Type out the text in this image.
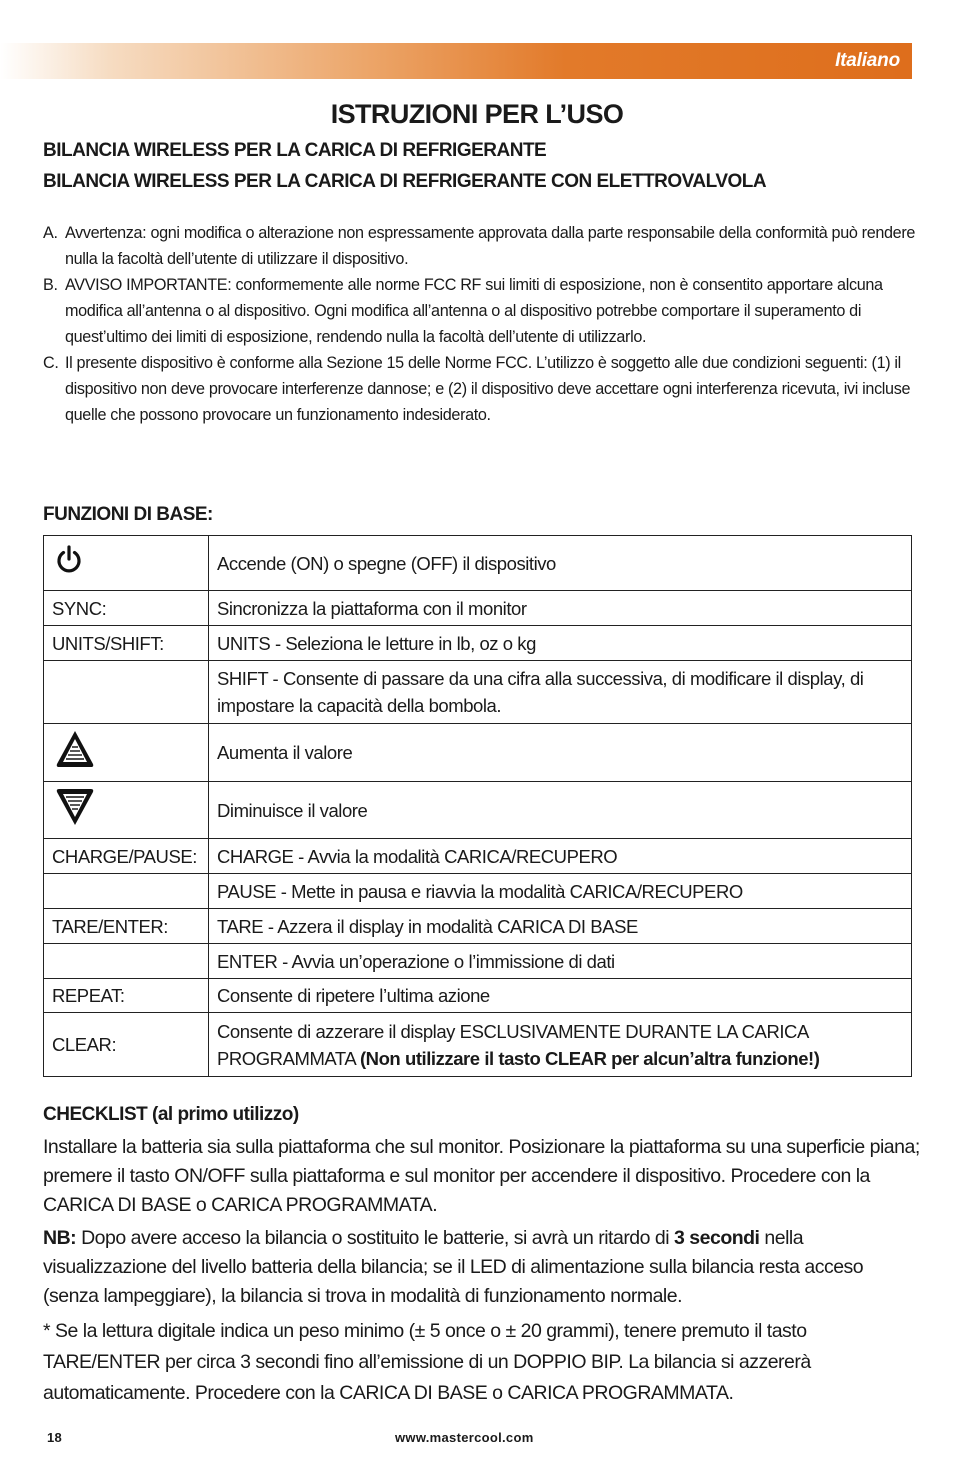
Italiano
ISTRUZIONI PER L’USO
BILANCIA WIRELESS PER LA CARICA DI REFRIGERANTE
BILANCIA WIRELESS PER LA CARICA DI REFRIGERANTE CON ELETTROVALVOLA
A. Avvertenza: ogni modifica o alterazione non espressamente approvata dalla parte responsabile della conformità può rendere nulla la facoltà dell’utente di utilizzare il dispositivo.
B. AVVISO IMPORTANTE: conformemente alle norme FCC RF sui limiti di esposizione, non è consentito apportare alcuna modifica all’antenna o al dispositivo. Ogni modifica all’antenna o al dispositivo potrebbe comportare il superamento di quest’ultimo dei limiti di esposizione, rendendo nulla la facoltà dell’utente di utilizzarlo.
C. Il presente dispositivo è conforme alla Sezione 15 delle Norme FCC. L’utilizzo è soggetto alle due condizioni seguenti: (1) il dispositivo non deve provocare interferenze dannose; e (2) il dispositivo deve accettare ogni interferenza ricevuta, ivi incluse quelle che possono provocare un funzionamento indesiderato.
FUNZIONI DI BASE:
	Accende (ON) o spegne (OFF) il dispositivo
SYNC:	Sincronizza la piattaforma con il monitor
UNITS/SHIFT:	UNITS - Seleziona le letture in lb, oz o kg
	SHIFT - Consente di passare da una cifra alla successiva, di modificare il display, di impostare la capacità della bombola.
	Aumenta il valore
	Diminuisce il valore
CHARGE/PAUSE:	CHARGE - Avvia la modalità CARICA/RECUPERO
	PAUSE - Mette in pausa e riavvia la modalità CARICA/RECUPERO
TARE/ENTER:	TARE - Azzera il display in modalità CARICA DI BASE
	ENTER - Avvia un’operazione o l’immissione di dati
REPEAT:	Consente di ripetere l’ultima azione
CLEAR:	Consente di azzerare il display ESCLUSIVAMENTE DURANTE LA CARICA PROGRAMMATA (Non utilizzare il tasto CLEAR per alcun’altra funzione!)
CHECKLIST (al primo utilizzo)
Installare la batteria sia sulla piattaforma che sul monitor. Posizionare la piattaforma su una superficie piana; premere il tasto ON/OFF sulla piattaforma e sul monitor per accendere il dispositivo. Procedere con la CARICA DI BASE o CARICA PROGRAMMATA.
NB: Dopo avere acceso la bilancia o sostituito le batterie, si avrà un ritardo di 3 secondi nella visualizzazione del livello batteria della bilancia; se il LED di alimentazione sulla bilancia resta acceso (senza lampeggiare), la bilancia si trova in modalità di funzionamento normale.
* Se la lettura digitale indica un peso minimo (± 5 once o ± 20 grammi), tenere premuto il tasto TARE/ENTER per circa 3 secondi fino all’emissione di un DOPPIO BIP. La bilancia si azzererà automaticamente. Procedere con la CARICA DI BASE o CARICA PROGRAMMATA.
18	www.mastercool.com
